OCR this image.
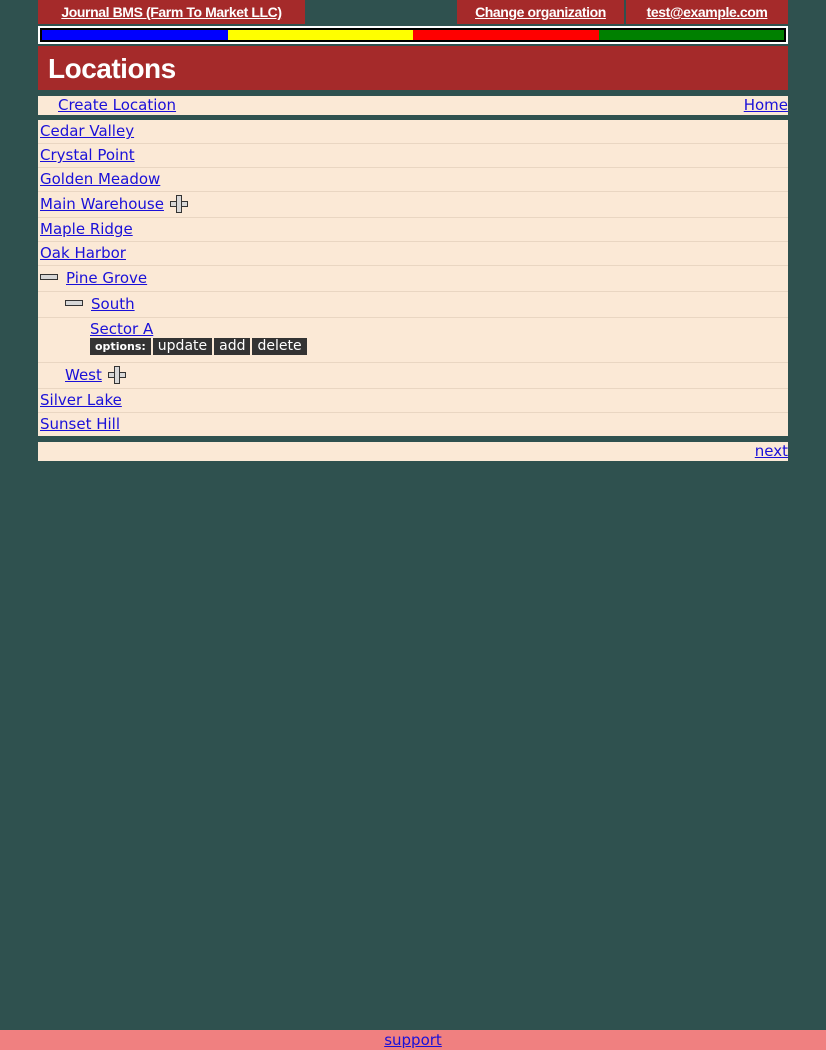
Journal BMS (Farm To Market LLC)	Change organization	test@example.com
Locations
Create Location	Home
Cedar Valley
Crystal Point
Golden Meadow
Main Warehouse
Maple Ridge
Oak Harbor
Pine Grove
South
Sector A
options: update add delete
West
Silver Lake
Sunset Hill
next
support
